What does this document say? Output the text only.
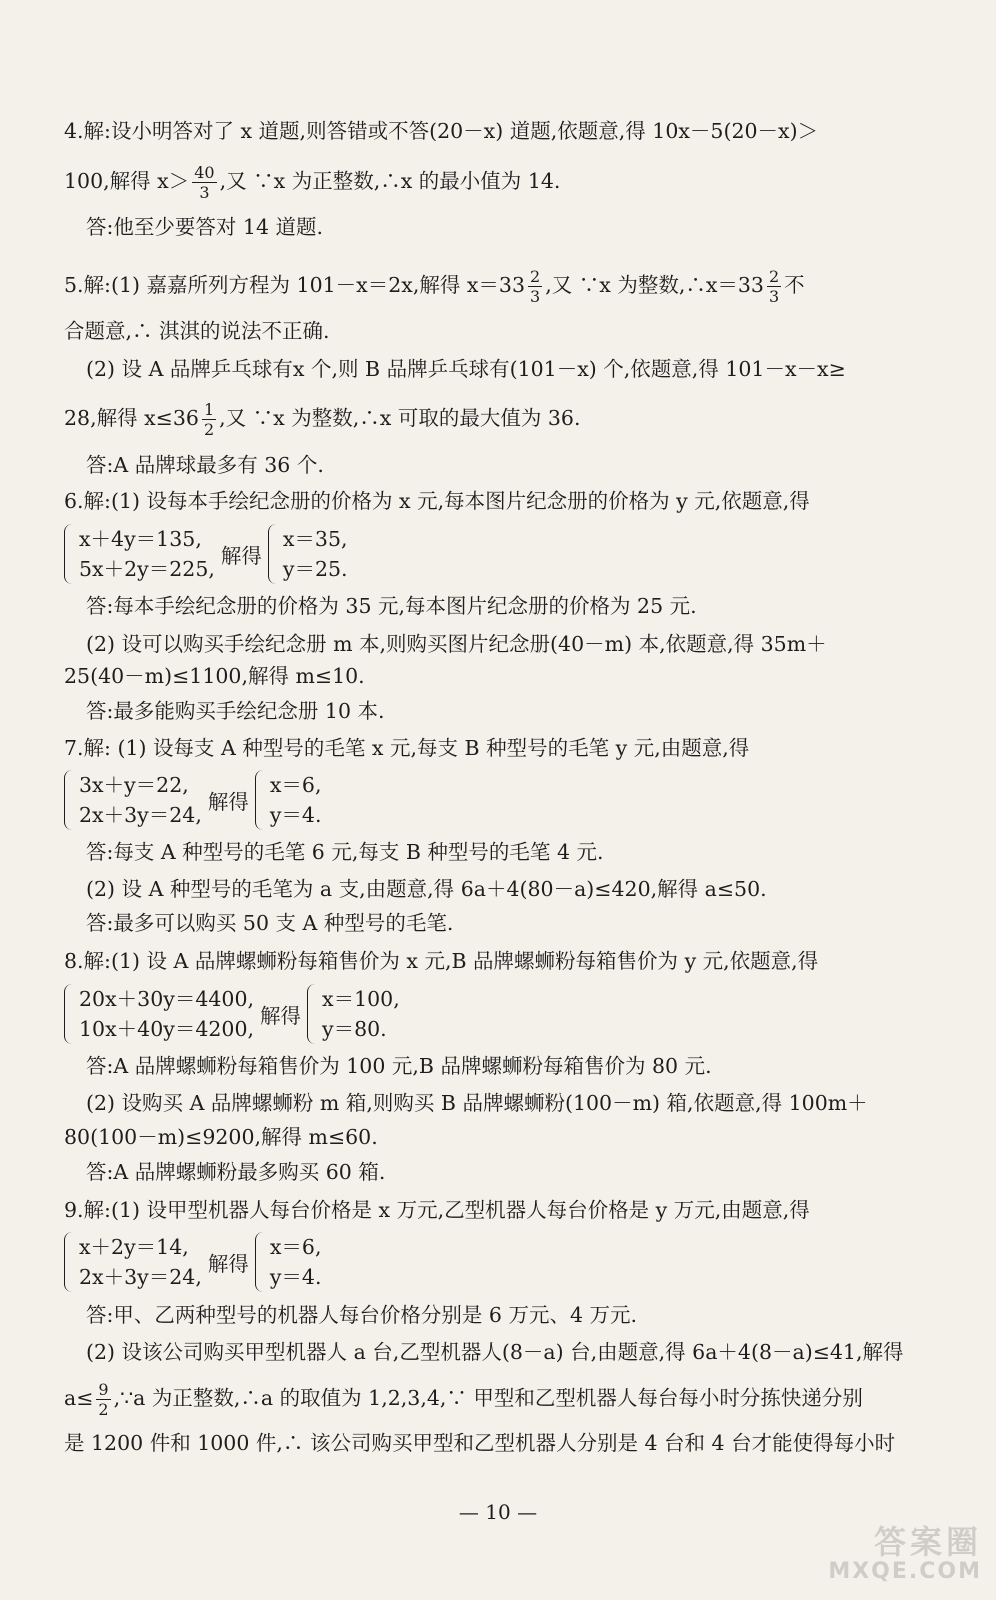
4.解:设小明答对了 x 道题,则答错或不答(20－x) 道题,依题意,得 10x－5(20－x)＞
100,解得 $x> \frac{40}{3}$ ,又 ∵x 为正整数,∴x 的最小值为 14.
答:他至少要答对 14 道题.
5.解:(1) 嘉嘉所列方程为 101－x＝2x,解得 $x=33 \frac{2}{3}$ ,又 ∵x 为整数,∴x＝33 $\frac{2}{3}$ 不
合题意,∴ 淇淇的说法不正确.
(2) 设 A 品牌乒乓球有x 个,则 B 品牌乒乓球有(101－x) 个,依题意,得 101－x－x≥
28,解得 $x\le 36 \frac{1}{2}$ ,又 ∵x 为整数,∴x 可取的最大值为 36.
答:A 品牌球最多有 36 个.
6.解:(1) 设每本手绘纪念册的价格为 x 元,每本图片纪念册的价格为 y 元,依题意,得
x＋4y＝135,
5x＋2y＝225,
解得
x＝35,
y＝25.
答:每本手绘纪念册的价格为 35 元,每本图片纪念册的价格为 25 元.
(2) 设可以购买手绘纪念册 m 本,则购买图片纪念册(40－m) 本,依题意,得 35m＋
25(40－m)≤1100,解得 m≤10.
答:最多能购买手绘纪念册 10 本.
7.解: (1) 设每支 A 种型号的毛笔 x 元,每支 B 种型号的毛笔 y 元,由题意,得
3x＋y＝22,
2x＋3y＝24,
解得
x＝6,
y＝4.
答:每支 A 种型号的毛笔 6 元,每支 B 种型号的毛笔 4 元.
(2) 设 A 种型号的毛笔为 a 支,由题意,得 6a＋4(80－a)≤420,解得 a≤50.
答:最多可以购买 50 支 A 种型号的毛笔.
8.解:(1) 设 A 品牌螺蛳粉每箱售价为 x 元,B 品牌螺蛳粉每箱售价为 y 元,依题意,得
20x＋30y＝4400,
10x＋40y＝4200,
解得
x＝100,
y＝80.
答:A 品牌螺蛳粉每箱售价为 100 元,B 品牌螺蛳粉每箱售价为 80 元.
(2) 设购买 A 品牌螺蛳粉 m 箱,则购买 B 品牌螺蛳粉(100－m) 箱,依题意,得 100m＋
80(100－m)≤9200,解得 m≤60.
答:A 品牌螺蛳粉最多购买 60 箱.
9.解:(1) 设甲型机器人每台价格是 x 万元,乙型机器人每台价格是 y 万元,由题意,得
x＋2y＝14,
2x＋3y＝24,
解得
x＝6,
y＝4.
答:甲、乙两种型号的机器人每台价格分别是 6 万元、4 万元.
(2) 设该公司购买甲型机器人 a 台,乙型机器人(8－a) 台,由题意,得 6a＋4(8－a)≤41,解得
$a\le \frac{9}{2}$ ,∵a 为正整数,∴a 的取值为 1,2,3,4,∵ 甲型和乙型机器人每台每小时分拣快递分别
是 1200 件和 1000 件,∴ 该公司购买甲型和乙型机器人分别是 4 台和 4 台才能使得每小时
— 10 —
答案圈
MXQE.COM
